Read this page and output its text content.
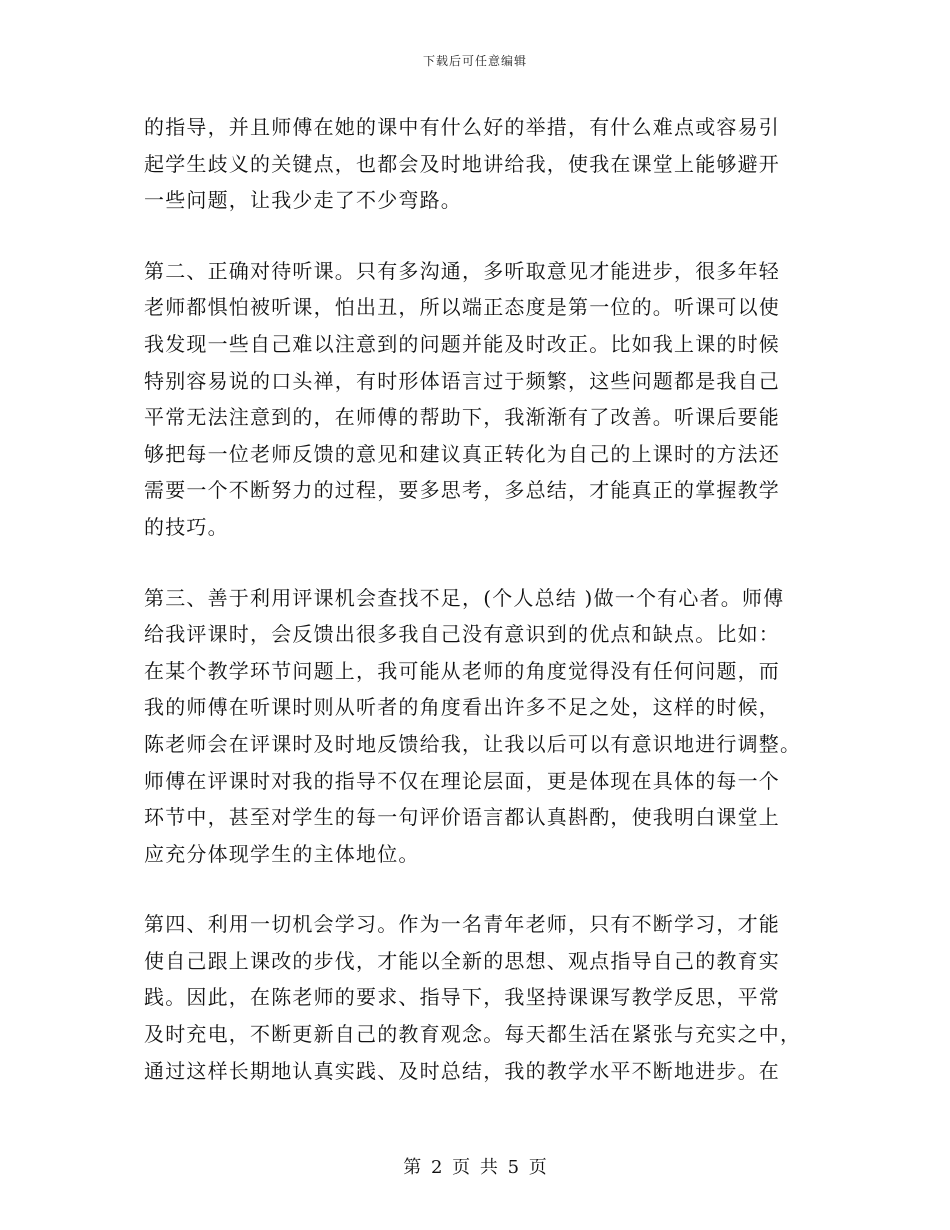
下载后可任意编辑

的指导，并且师傅在她的课中有什么好的举措，有什么难点或容易引
起学生歧义的关键点，也都会及时地讲给我，使我在课堂上能够避开
一些问题，让我少走了不少弯路。

第二、正确对待听课。只有多沟通，多听取意见才能进步，很多年轻
老师都惧怕被听课，怕出丑，所以端正态度是第一位的。听课可以使
我发现一些自己难以注意到的问题并能及时改正。比如我上课的时候
特别容易说的口头禅，有时形体语言过于频繁，这些问题都是我自己
平常无法注意到的，在师傅的帮助下，我渐渐有了改善。听课后要能
够把每一位老师反馈的意见和建议真正转化为自己的上课时的方法还
需要一个不断努力的过程，要多思考，多总结，才能真正的掌握教学
的技巧。

第三、善于利用评课机会查找不足，(个人总结 )做一个有心者。师傅
给我评课时，会反馈出很多我自己没有意识到的优点和缺点。比如：
在某个教学环节问题上，我可能从老师的角度觉得没有任何问题，而
我的师傅在听课时则从听者的角度看出许多不足之处，这样的时候，
陈老师会在评课时及时地反馈给我，让我以后可以有意识地进行调整。
师傅在评课时对我的指导不仅在理论层面，更是体现在具体的每一个
环节中，甚至对学生的每一句评价语言都认真斟酌，使我明白课堂上
应充分体现学生的主体地位。

第四、利用一切机会学习。作为一名青年老师，只有不断学习，才能
使自己跟上课改的步伐，才能以全新的思想、观点指导自己的教育实
践。因此，在陈老师的要求、指导下，我坚持课课写教学反思，平常
及时充电，不断更新自己的教育观念。每天都生活在紧张与充实之中，
通过这样长期地认真实践、及时总结，我的教学水平不断地进步。在

第 2 页 共 5 页
